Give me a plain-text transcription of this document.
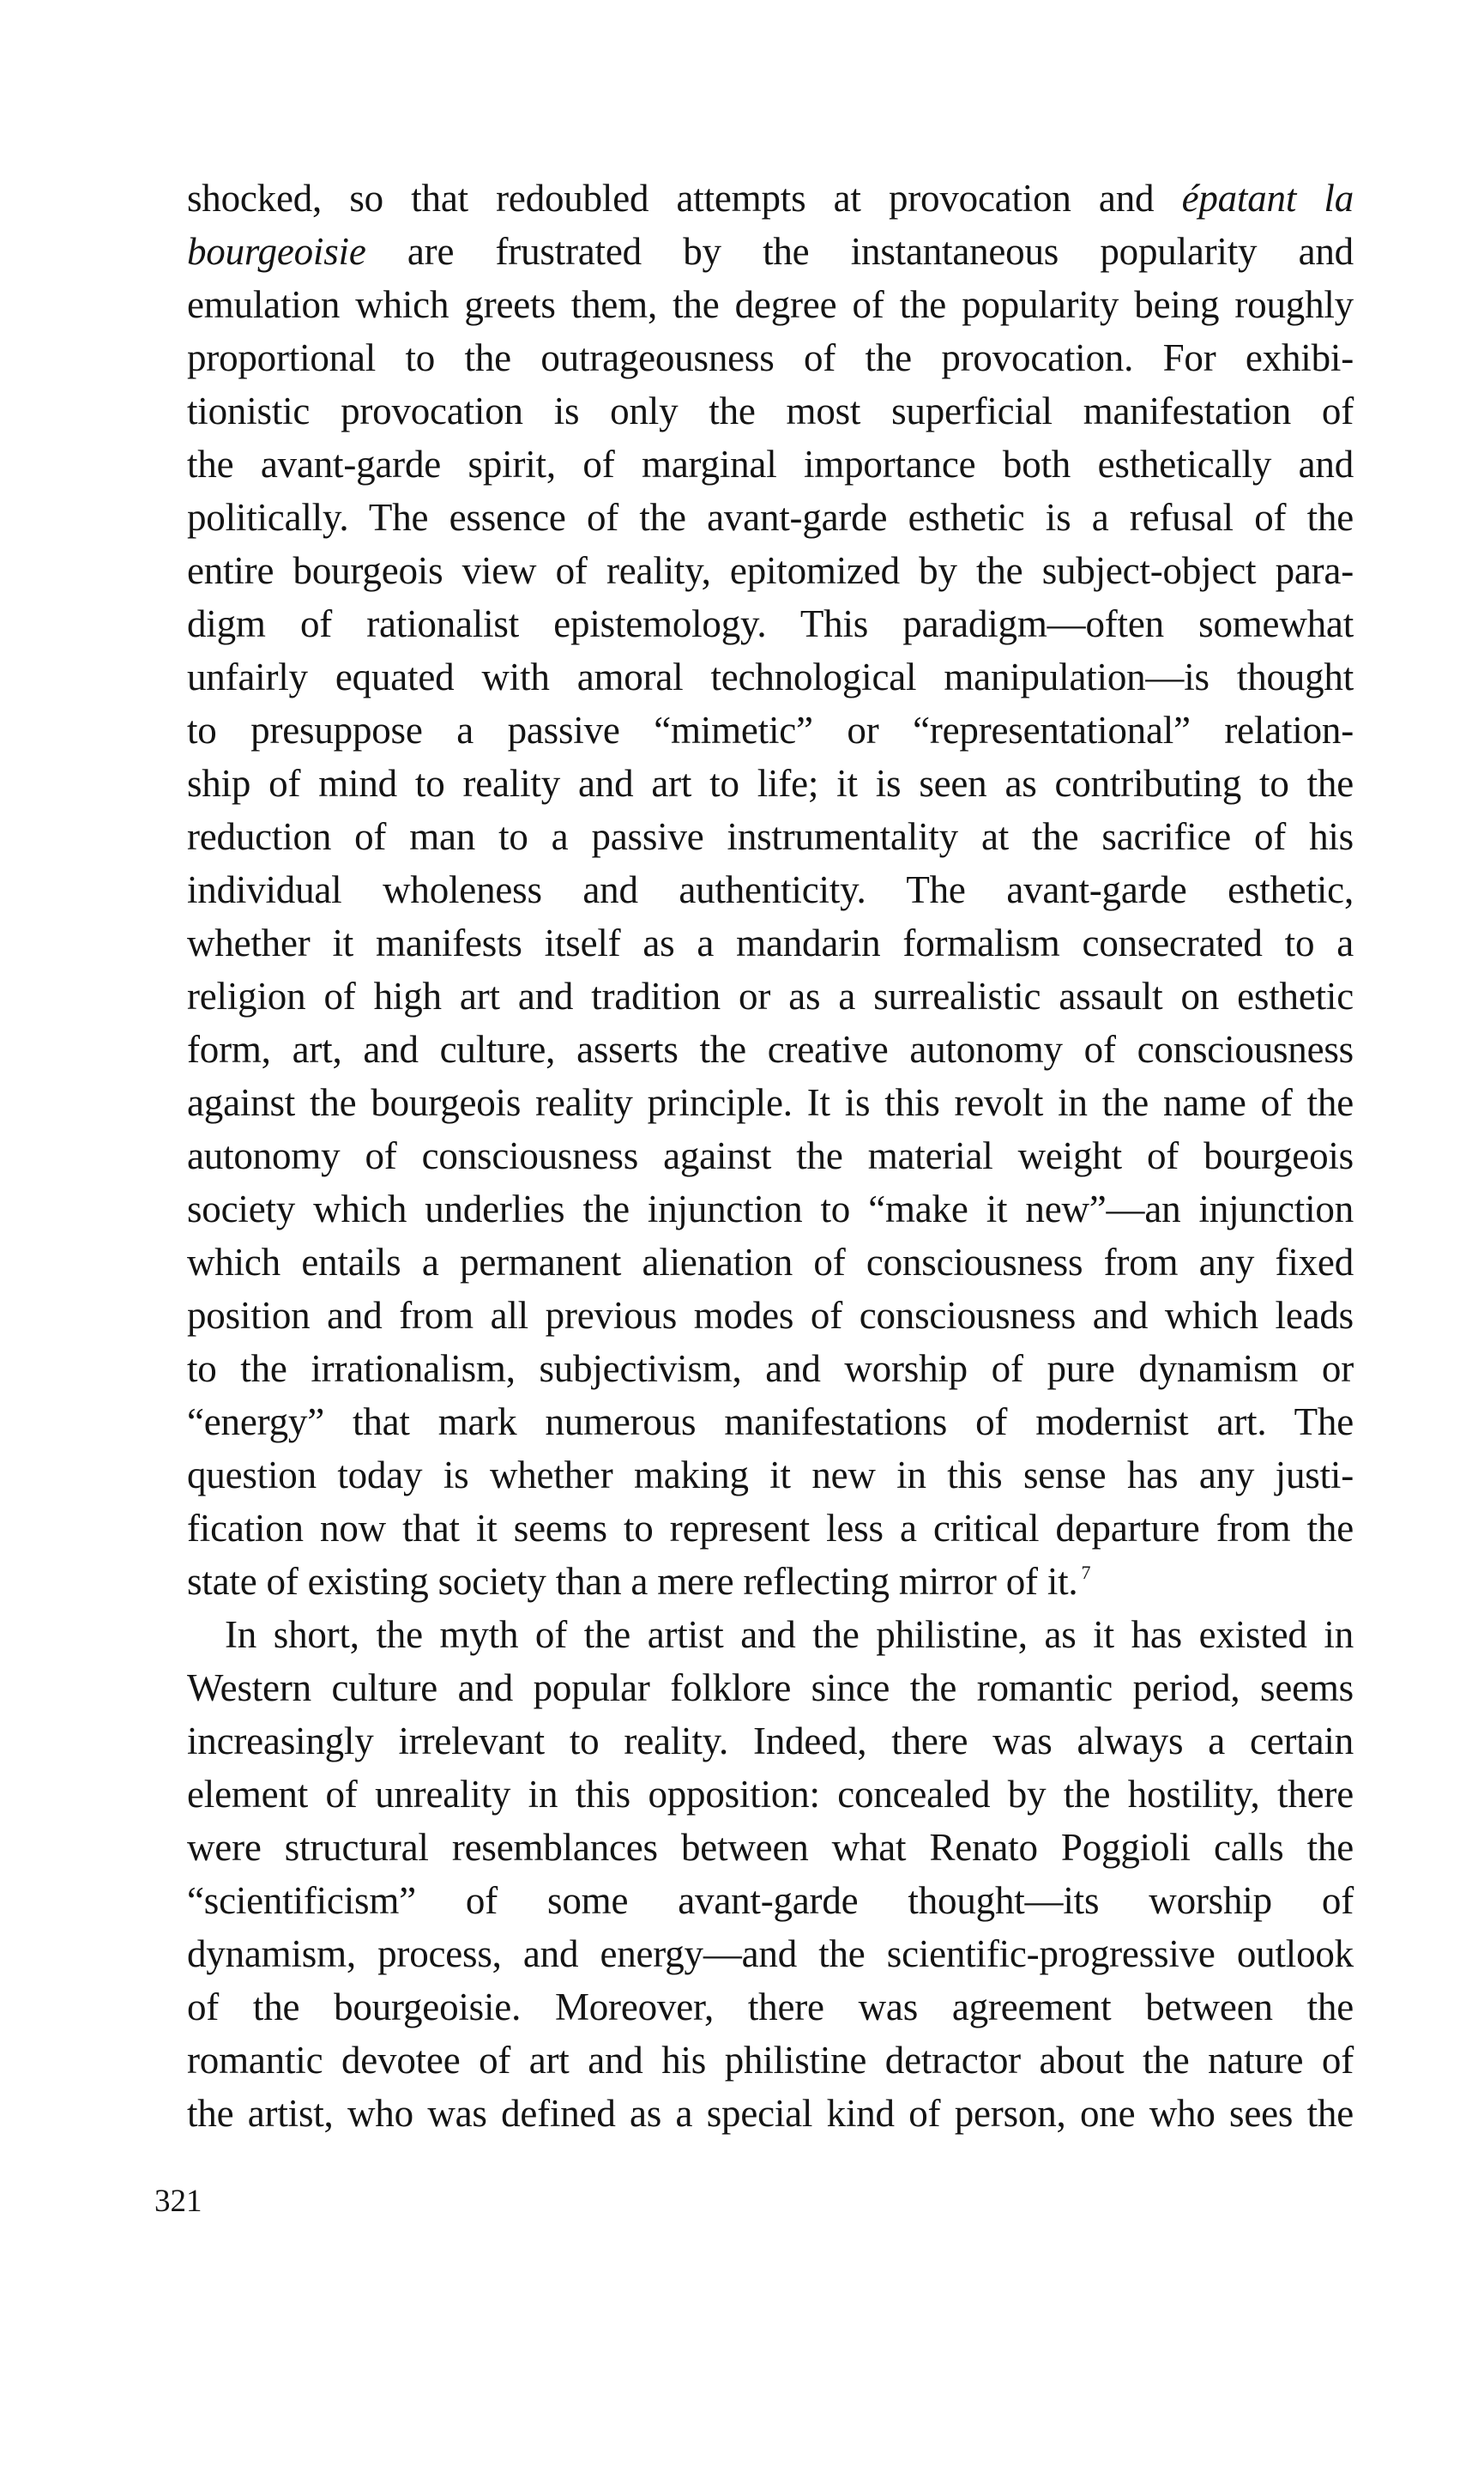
shocked, so that redoubled attempts at provocation and épatant la
bourgeoisie are frustrated by the instantaneous popularity and
emulation which greets them, the degree of the popularity being roughly
proportional to the outrageousness of the provocation. For exhibi-
tionistic provocation is only the most superficial manifestation of
the avant-garde spirit, of marginal importance both esthetically and
politically. The essence of the avant-garde esthetic is a refusal of the
entire bourgeois view of reality, epitomized by the subject-object para-
digm of rationalist epistemology. This paradigm—often somewhat
unfairly equated with amoral technological manipulation—is thought
to presuppose a passive “mimetic” or “representational” relation-
ship of mind to reality and art to life; it is seen as contributing to the
reduction of man to a passive instrumentality at the sacrifice of his
individual wholeness and authenticity. The avant-garde esthetic,
whether it manifests itself as a mandarin formalism consecrated to a
religion of high art and tradition or as a surrealistic assault on esthetic
form, art, and culture, asserts the creative autonomy of consciousness
against the bourgeois reality principle. It is this revolt in the name of the
autonomy of consciousness against the material weight of bourgeois
society which underlies the injunction to “make it new”—an injunction
which entails a permanent alienation of consciousness from any fixed
position and from all previous modes of consciousness and which leads
to the irrationalism, subjectivism, and worship of pure dynamism or
“energy” that mark numerous manifestations of modernist art. The
question today is whether making it new in this sense has any justi-
fication now that it seems to represent less a critical departure from the
state of existing society than a mere reflecting mirror of it. $^7$
In short, the myth of the artist and the philistine, as it has existed in
Western culture and popular folklore since the romantic period, seems
increasingly irrelevant to reality. Indeed, there was always a certain
element of unreality in this opposition: concealed by the hostility, there
were structural resemblances between what Renato Poggioli calls the
“scientificism” of some avant-garde thought—its worship of
dynamism, process, and energy—and the scientific-progressive outlook
of the bourgeoisie. Moreover, there was agreement between the
romantic devotee of art and his philistine detractor about the nature of
the artist, who was defined as a special kind of person, one who sees the
321
